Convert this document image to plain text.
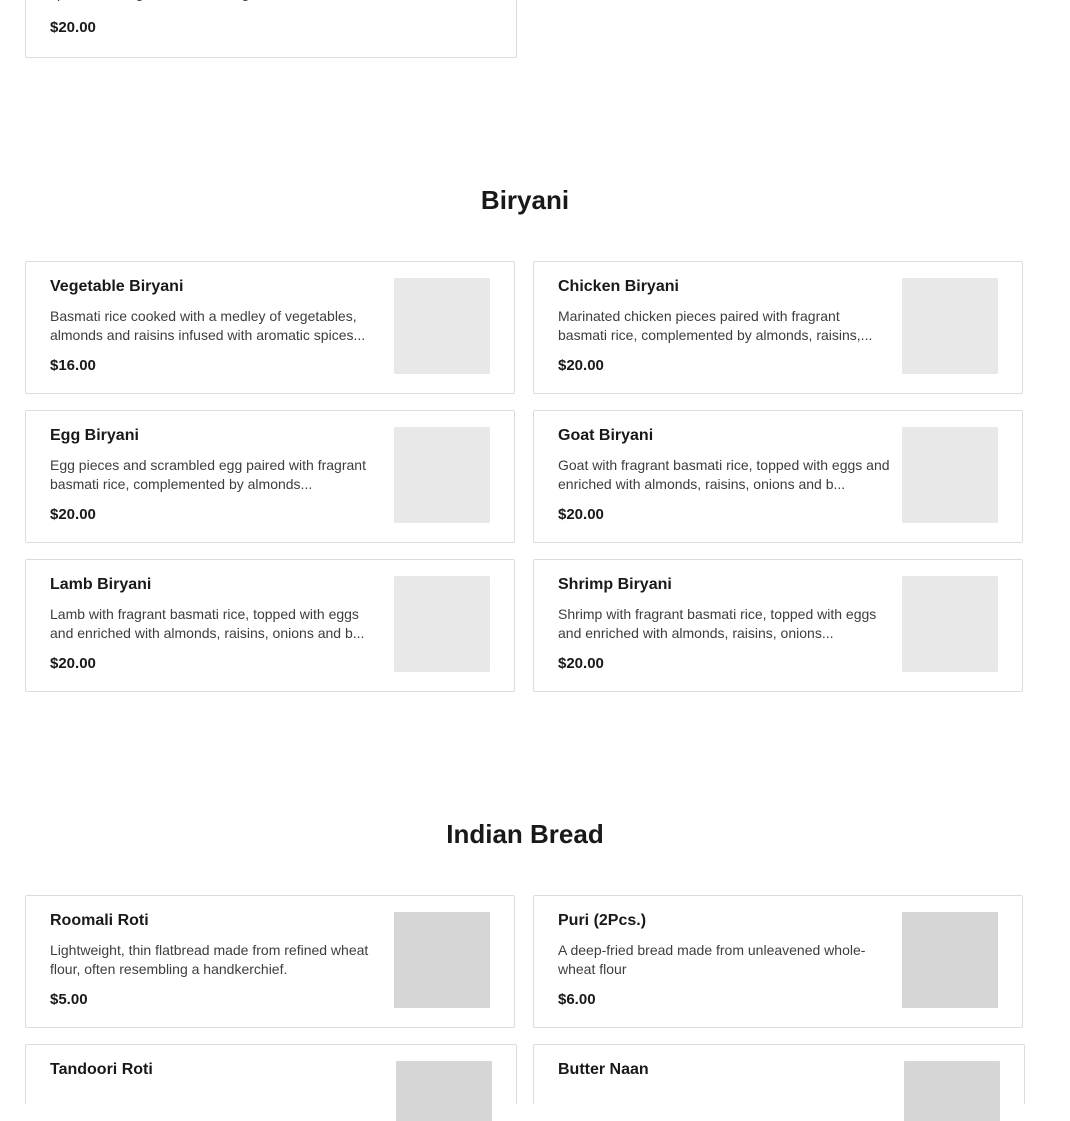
$20.00
Biryani
Vegetable Biryani
Basmati rice cooked with a medley of vegetables, almonds and raisins infused with aromatic spices...
$16.00
Chicken Biryani
Marinated chicken pieces paired with fragrant basmati rice, complemented by almonds, raisins,...
$20.00
Egg Biryani
Egg pieces and scrambled egg paired with fragrant basmati rice, complemented by almonds...
$20.00
Goat Biryani
Goat with fragrant basmati rice, topped with eggs and enriched with almonds, raisins, onions and b...
$20.00
Lamb Biryani
Lamb with fragrant basmati rice, topped with eggs and enriched with almonds, raisins, onions and b...
$20.00
Shrimp Biryani
Shrimp with fragrant basmati rice, topped with eggs and enriched with almonds, raisins, onions...
$20.00
Indian Bread
Roomali Roti
Lightweight, thin flatbread made from refined wheat flour, often resembling a handkerchief.
$5.00
Puri (2Pcs.)
A deep-fried bread made from unleavened whole-wheat flour
$6.00
Tandoori Roti	Butter Naan
